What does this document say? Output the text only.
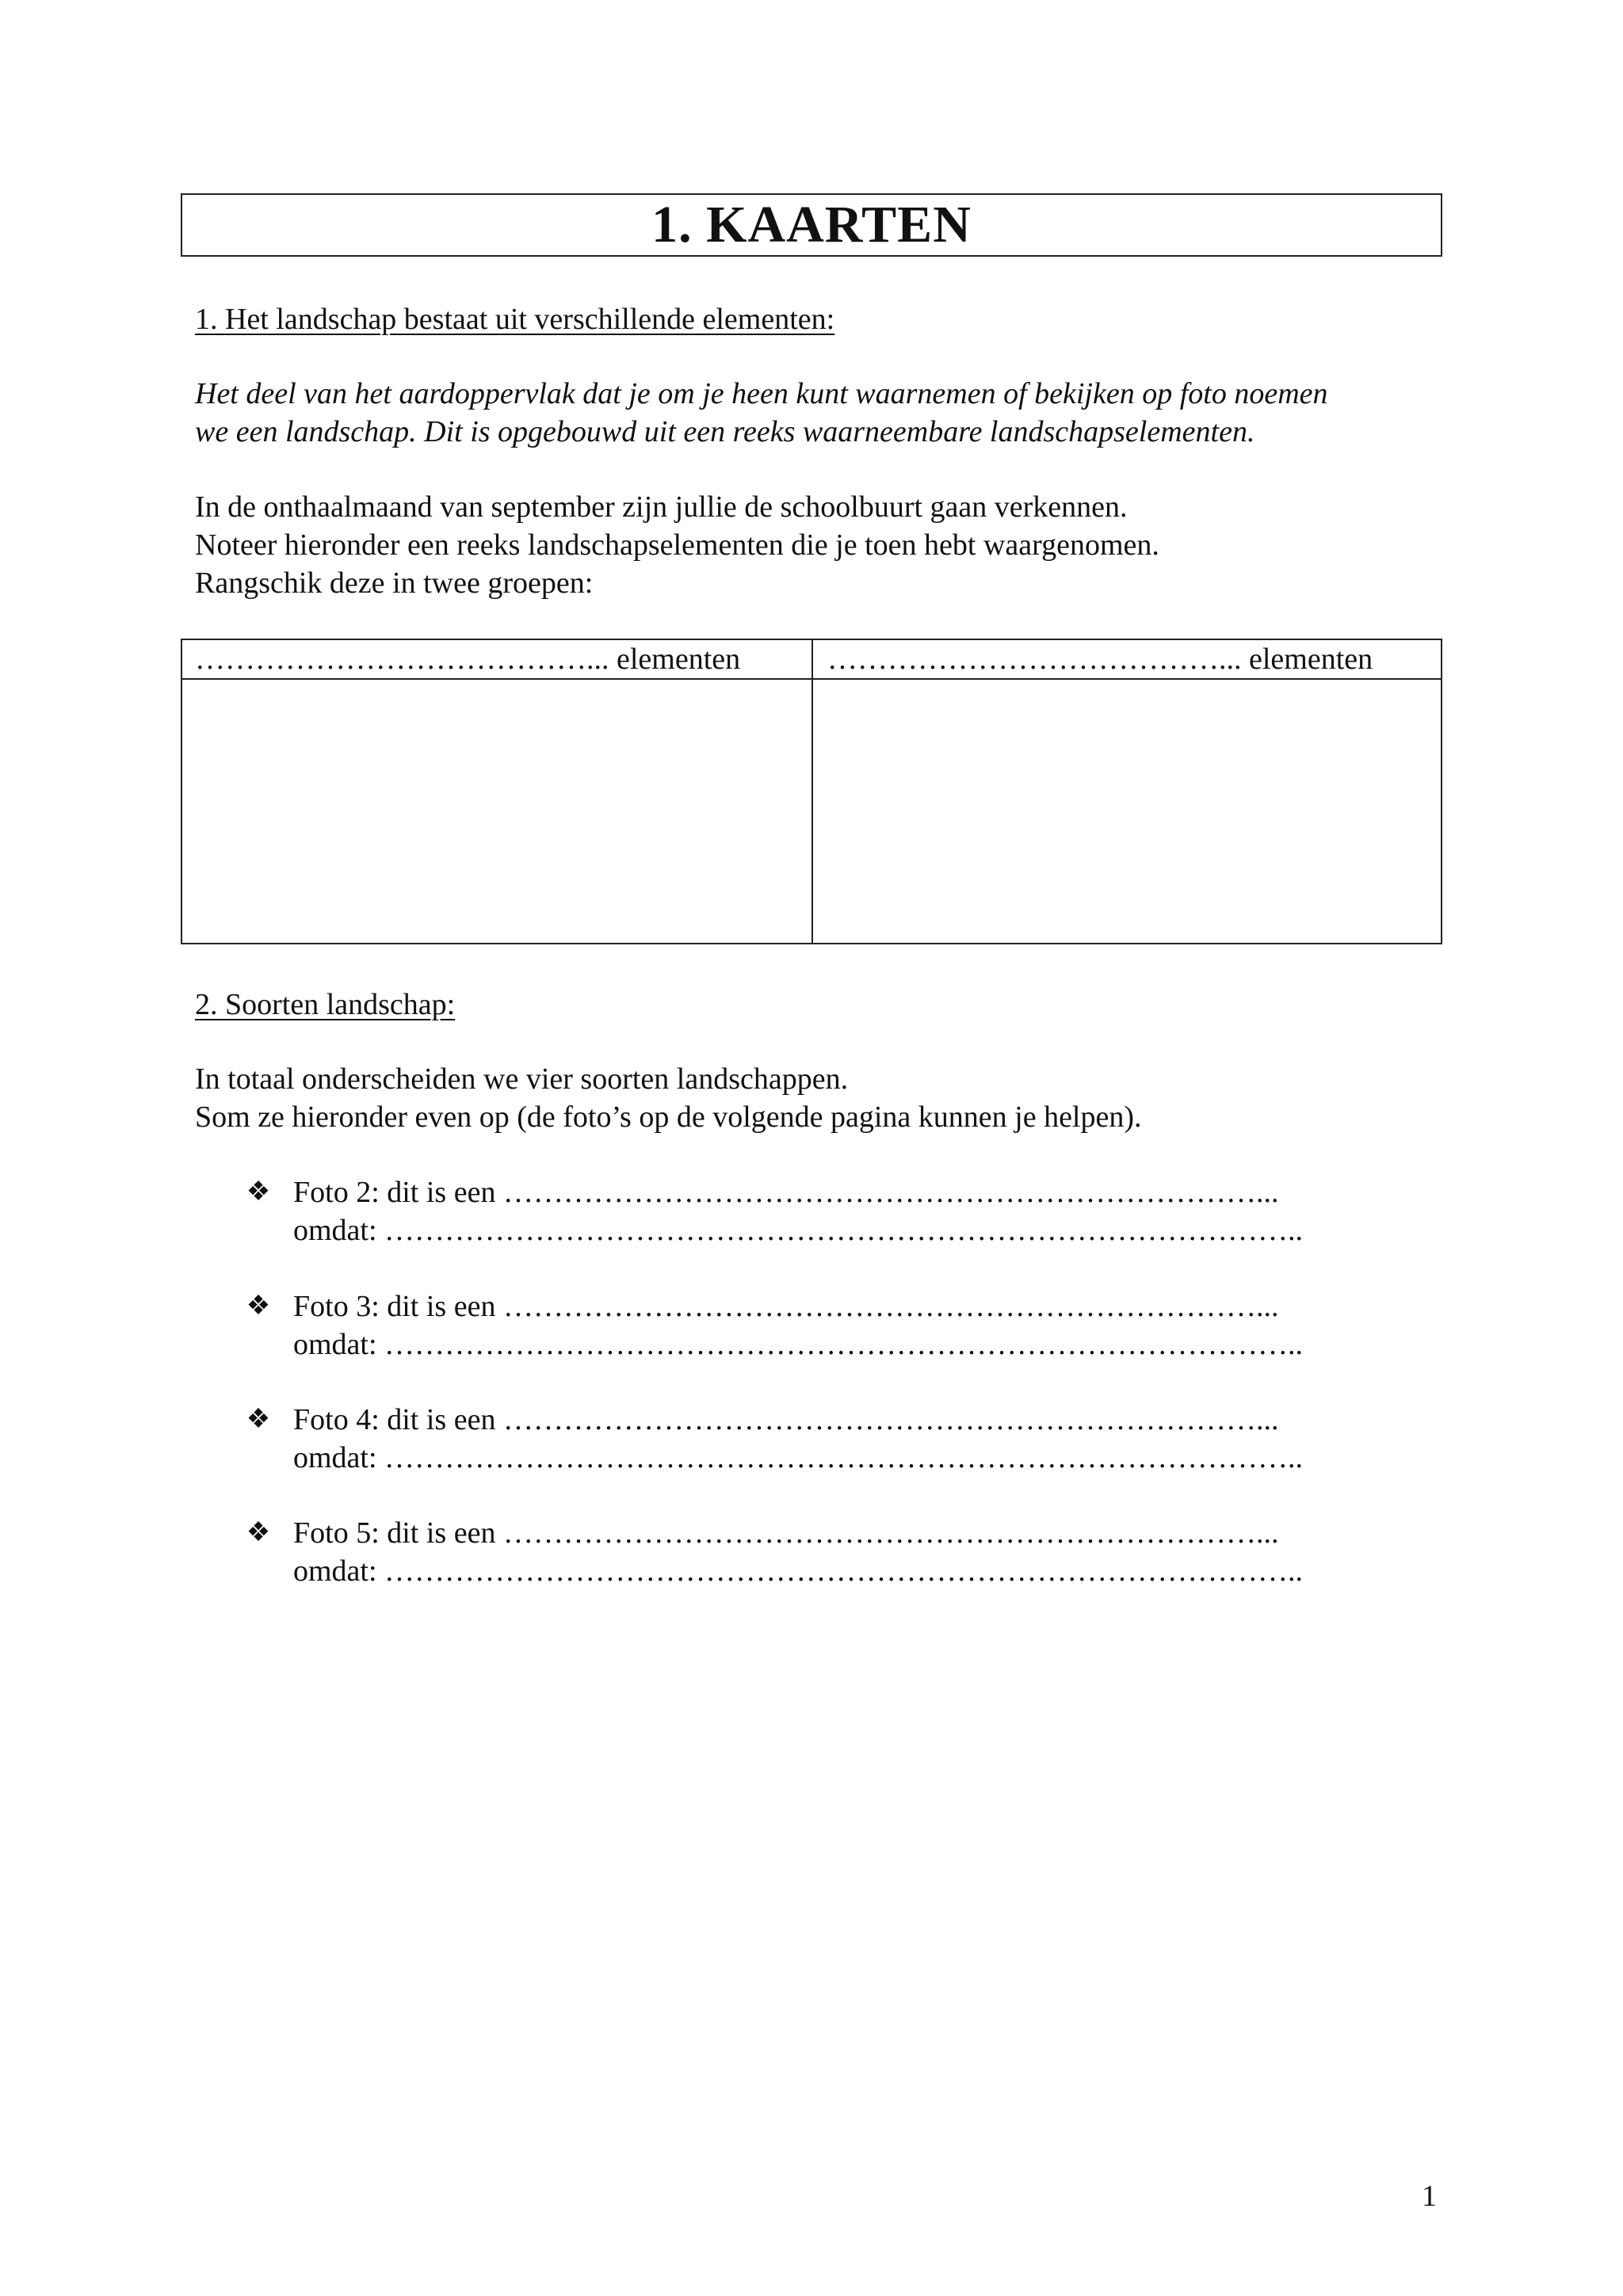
1. KAARTEN
1. Het landschap bestaat uit verschillende elementen:
Het deel van het aardoppervlak dat je om je heen kunt waarnemen of bekijken op foto noemen
we een landschap. Dit is opgebouwd uit een reeks waarneembare landschapselementen.
In de onthaalmaand van september zijn jullie de schoolbuurt gaan verkennen.
Noteer hieronder een reeks landschapselementen die je toen hebt waargenomen.
Rangschik deze in twee groepen:
…………………………………... elementen	…………………………………... elementen
2. Soorten landschap:
In totaal onderscheiden we vier soorten landschappen.
Som ze hieronder even op (de foto’s op de volgende pagina kunnen je helpen).
❖ Foto 2: dit is een …………………………………………………………………...
omdat: ………………………………………………………………………………..
❖ Foto 3: dit is een …………………………………………………………………...
omdat: ………………………………………………………………………………..
❖ Foto 4: dit is een …………………………………………………………………...
omdat: ………………………………………………………………………………..
❖ Foto 5: dit is een …………………………………………………………………...
omdat: ………………………………………………………………………………..
1
